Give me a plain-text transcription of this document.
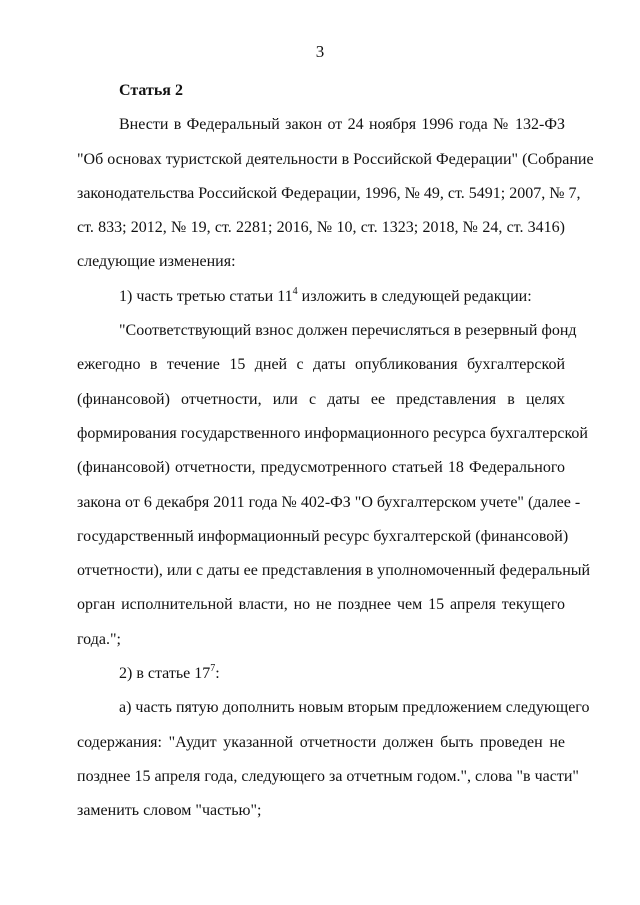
3
Статья 2
Внести в Федеральный закон от 24 ноября 1996 года № 132-ФЗ
"Об основах туристской деятельности в Российской Федерации" (Собрание
законодательства Российской Федерации, 1996, № 49, ст. 5491; 2007, № 7,
ст. 833; 2012, № 19, ст. 2281; 2016, № 10, ст. 1323; 2018, № 24, ст. 3416)
следующие изменения:
1) часть третью статьи $11^4$ изложить в следующей редакции:
"Соответствующий взнос должен перечисляться в резервный фонд
ежегодно в течение 15 дней с даты опубликования бухгалтерской
(финансовой) отчетности, или с даты ее представления в целях
формирования государственного информационного ресурса бухгалтерской
(финансовой) отчетности, предусмотренного статьей 18 Федерального
закона от 6 декабря 2011 года № 402-ФЗ "О бухгалтерском учете" (далее -
государственный информационный ресурс бухгалтерской (финансовой)
отчетности), или с даты ее представления в уполномоченный федеральный
орган исполнительной власти, но не позднее чем 15 апреля текущего
года.";
2) в статье $17^7$:
а) часть пятую дополнить новым вторым предложением следующего
содержания: "Аудит указанной отчетности должен быть проведен не
позднее 15 апреля года, следующего за отчетным годом.", слова "в части"
заменить словом "частью";
